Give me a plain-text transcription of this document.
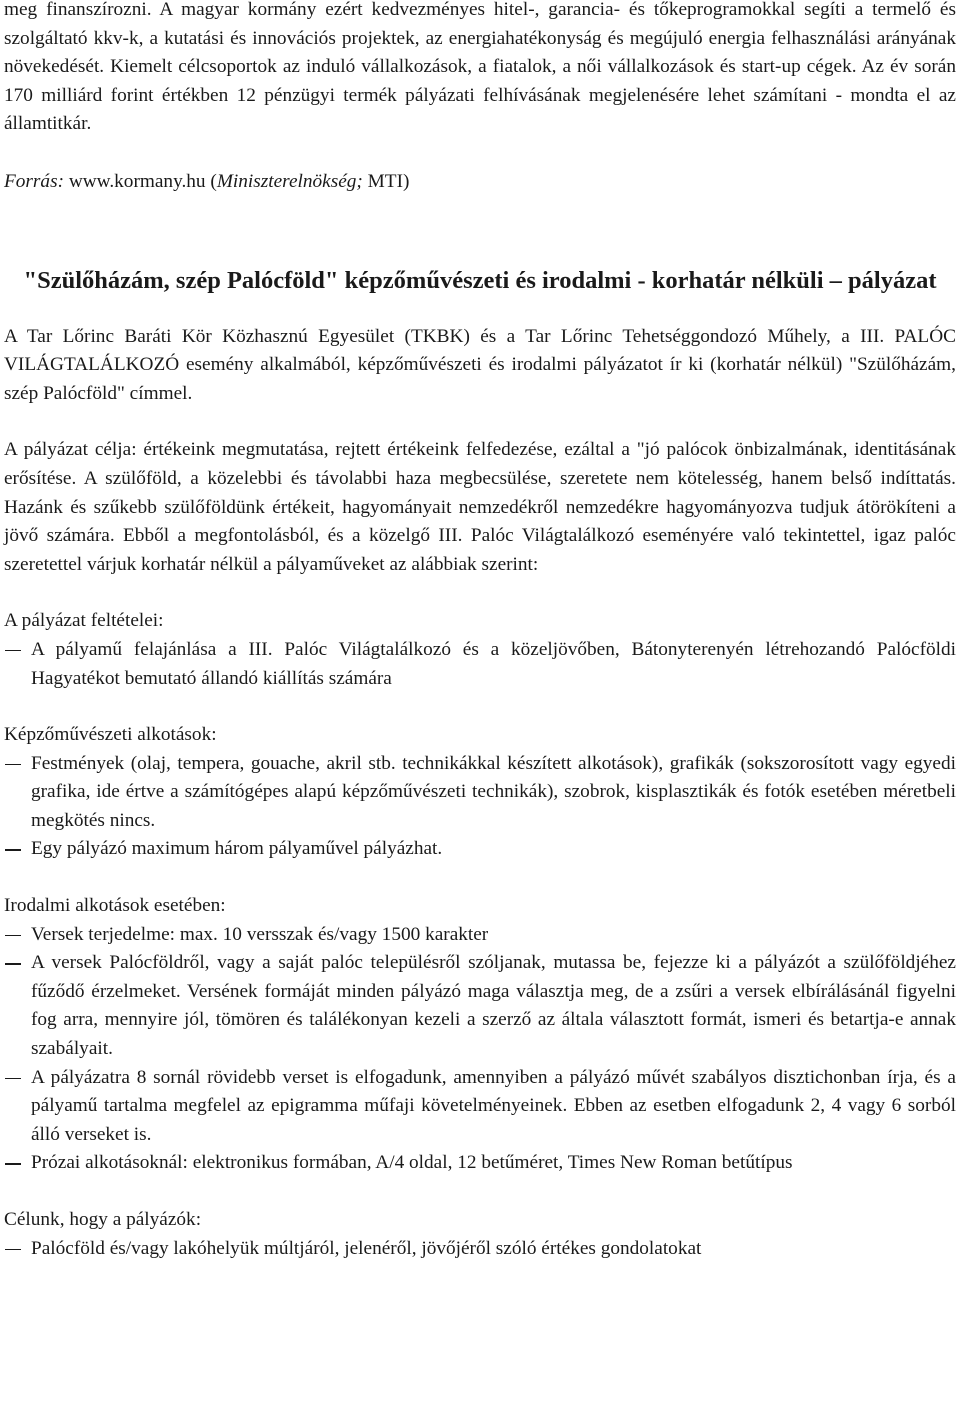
meg finanszírozni. A magyar kormány ezért kedvezményes hitel-, garancia- és tőkeprogramokkal segíti a termelő és szolgáltató kkv-k, a kutatási és innovációs projektek, az energiahatékonyság és megújuló energia felhasználási arányának növekedését. Kiemelt célcsoportok az induló vállalkozások, a fiatalok, a női vállalkozások és start-up cégek. Az év során 170 milliárd forint értékben 12 pénzügyi termék pályázati felhívásának megjelenésére lehet számítani - mondta el az államtitkár.

Forrás: www.kormany.hu (Miniszterelnökség; MTI)

"Szülőházám, szép Palócföld" képzőművészeti és irodalmi - korhatár nélküli – pályázat

A Tar Lőrinc Baráti Kör Közhasznú Egyesület (TKBK) és a Tar Lőrinc Tehetséggondozó Műhely, a III. PALÓC VILÁGTALÁLKOZÓ esemény alkalmából, képzőművészeti és irodalmi pályázatot ír ki (korhatár nélkül) "Szülőházám, szép Palócföld" címmel.

A pályázat célja: értékeink megmutatása, rejtett értékeink felfedezése, ezáltal a "jó palócok önbizalmának, identitásának erősítése. A szülőföld, a közelebbi és távolabbi haza megbecsülése, szeretete nem kötelesség, hanem belső indíttatás. Hazánk és szűkebb szülőföldünk értékeit, hagyományait nemzedékről nemzedékre hagyományozva tudjuk átörökíteni a jövő számára. Ebből a megfontolásból, és a közelgő III. Palóc Világtalálkozó eseményére való tekintettel, igaz palóc szeretettel várjuk korhatár nélkül a pályaműveket az alábbiak szerint:

A pályázat feltételei:

A pályamű felajánlása a III. Palóc Világtalálkozó és a közeljövőben, Bátonyterenyén létrehozandó Palócföldi Hagyatékot bemutató állandó kiállítás számára

Képzőművészeti alkotások:

Festmények (olaj, tempera, gouache, akril stb. technikákkal készített alkotások), grafikák (sokszorosított vagy egyedi grafika, ide értve a számítógépes alapú képzőművészeti technikák), szobrok, kisplasztikák és fotók esetében méretbeli megkötés nincs.
Egy pályázó maximum három pályaművel pályázhat.

Irodalmi alkotások esetében:

Versek terjedelme: max. 10 versszak és/vagy 1500 karakter
A versek Palócföldről, vagy a saját palóc településről szóljanak, mutassa be, fejezze ki a pályázót a szülőföldjéhez fűződő érzelmeket. Versének formáját minden pályázó maga választja meg, de a zsűri a versek elbírálásánál figyelni fog arra, mennyire jól, tömören és találékonyan kezeli a szerző az általa választott formát, ismeri és betartja-e annak szabályait.
A pályázatra 8 sornál rövidebb verset is elfogadunk, amennyiben a pályázó művét szabályos disztichonban írja, és a pályamű tartalma megfelel az epigramma műfaji követelményeinek. Ebben az esetben elfogadunk 2, 4 vagy 6 sorból álló verseket is.
Prózai alkotásoknál: elektronikus formában, A/4 oldal, 12 betűméret, Times New Roman betűtípus

Célunk, hogy a pályázók:

Palócföld és/vagy lakóhelyük múltjáról, jelenéről, jövőjéről szóló értékes gondolatokat
